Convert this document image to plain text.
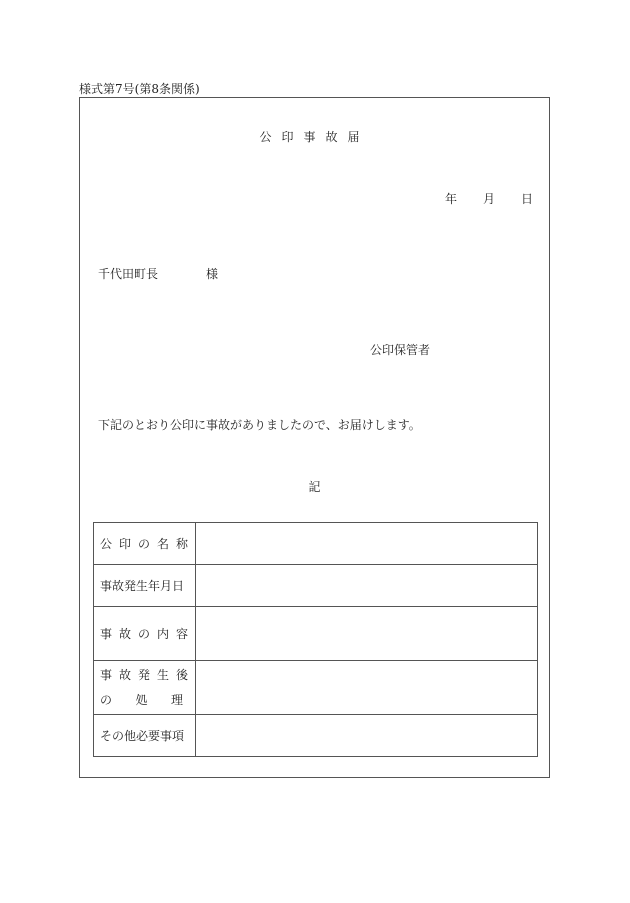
様式第7号(第8条関係)
公印事故届
年 月 日
千代田町長	様
公印保管者
下記のとおり公印に事故がありましたので、お届けします。
記
公印の名称	
事故発生年月日	
事故の内容	

事故発生後
の 処 理	

その他必要事項	
